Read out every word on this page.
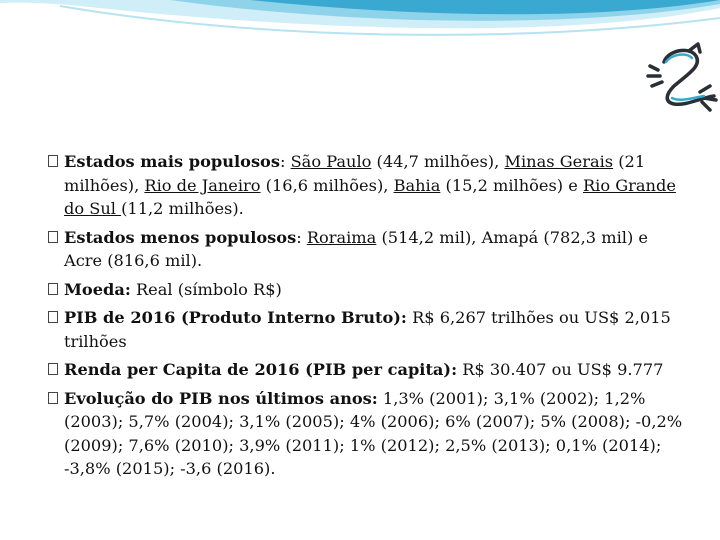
Estados mais populosos: São Paulo (44,7 milhões), Minas Gerais (21 milhões), Rio de Janeiro (16,6 milhões), Bahia (15,2 milhões) e Rio Grande do Sul (11,2 milhões).
Estados menos populosos: Roraima (514,2 mil), Amapá (782,3 mil) e Acre (816,6 mil).
Moeda: Real (símbolo R$)
PIB de 2016 (Produto Interno Bruto): R$ 6,267 trilhões ou US$ 2,015 trilhões
Renda per Capita de 2016 (PIB per capita): R$ 30.407 ou US$ 9.777
Evolução do PIB nos últimos anos: 1,3% (2001); 3,1% (2002); 1,2% (2003); 5,7% (2004); 3,1% (2005); 4% (2006); 6% (2007); 5% (2008); -0,2% (2009); 7,6% (2010); 3,9% (2011); 1% (2012); 2,5% (2013); 0,1% (2014); -3,8% (2015); -3,6 (2016).
